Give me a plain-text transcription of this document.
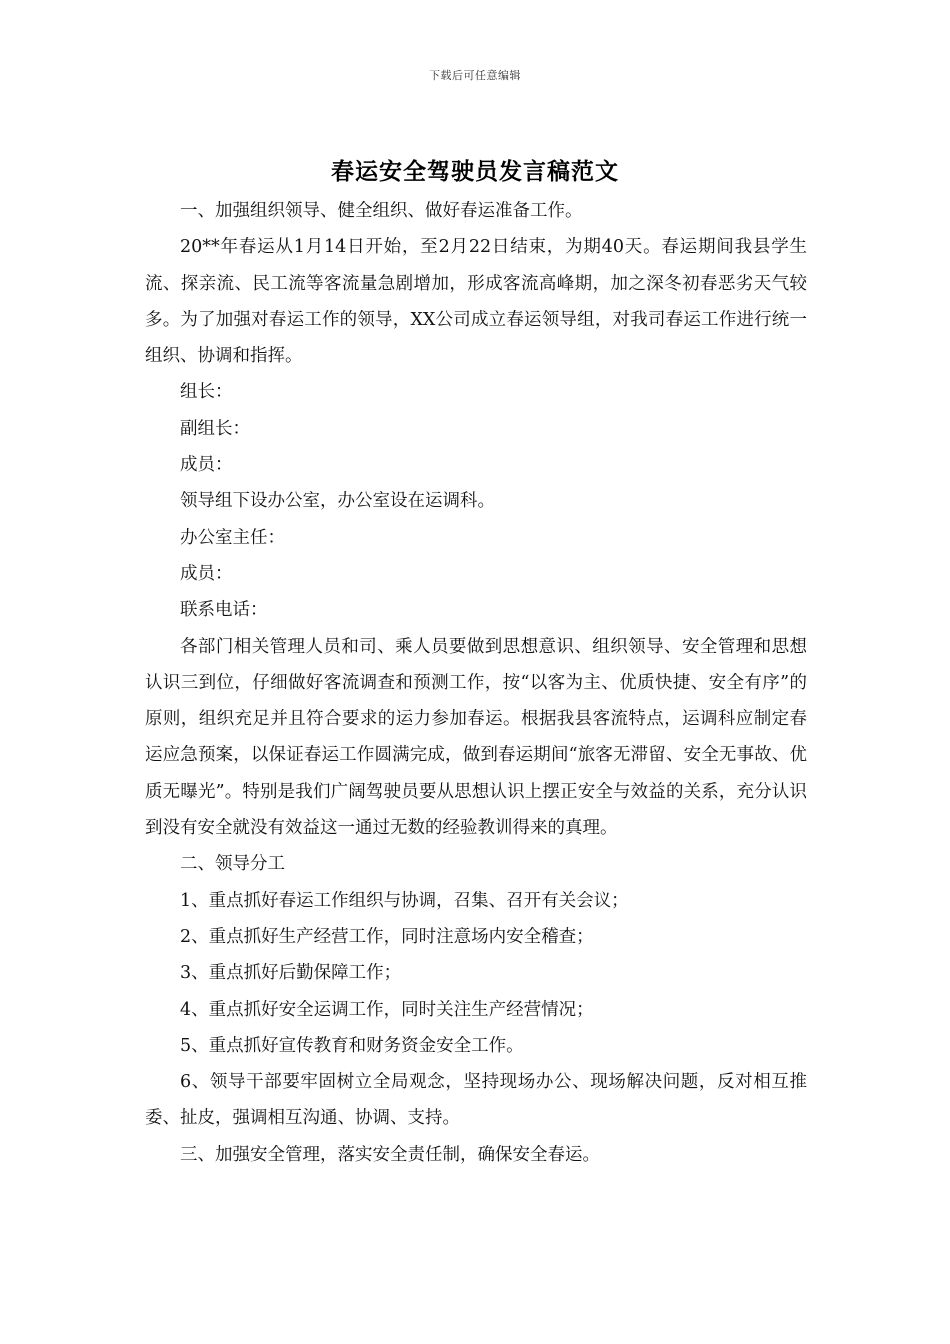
下载后可任意编辑
春运安全驾驶员发言稿范文

一、加强组织领导、健全组织、做好春运准备工作。

20**年春运从1月14日开始，至2月22日结束，为期40天。春运期间我县学生流、探亲流、民工流等客流量急剧增加，形成客流高峰期，加之深冬初春恶劣天气较多。为了加强对春运工作的领导，XX公司成立春运领导组，对我司春运工作进行统一组织、协调和指挥。

组长：

副组长：

成员：

领导组下设办公室，办公室设在运调科。

办公室主任：

成员：

联系电话：

各部门相关管理人员和司、乘人员要做到思想意识、组织领导、安全管理和思想认识三到位，仔细做好客流调查和预测工作，按“以客为主、优质快捷、安全有序”的原则，组织充足并且符合要求的运力参加春运。根据我县客流特点，运调科应制定春运应急预案，以保证春运工作圆满完成，做到春运期间“旅客无滞留、安全无事故、优质无曝光”。特别是我们广阔驾驶员要从思想认识上摆正安全与效益的关系，充分认识到没有安全就没有效益这一通过无数的经验教训得来的真理。

二、领导分工

1、重点抓好春运工作组织与协调，召集、召开有关会议；

2、重点抓好生产经营工作，同时注意场内安全稽查；

3、重点抓好后勤保障工作；

4、重点抓好安全运调工作，同时关注生产经营情况；

5、重点抓好宣传教育和财务资金安全工作。

6、领导干部要牢固树立全局观念，坚持现场办公、现场解决问题，反对相互推委、扯皮，强调相互沟通、协调、支持。

三、加强安全管理，落实安全责任制，确保安全春运。
